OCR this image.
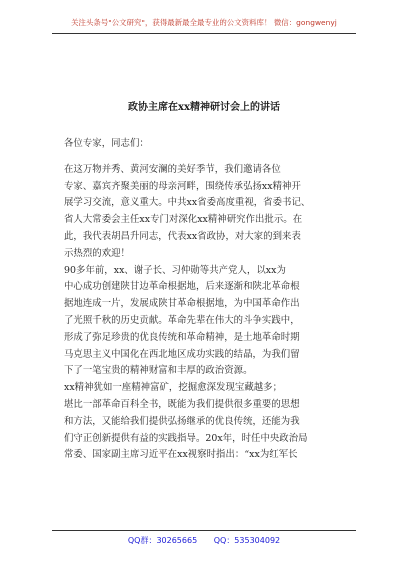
关注头条号"公文研究"，获得最新最全最专业的公文资料库！ 微信：gongwenyj
政协主席在xx精神研讨会上的讲话
各位专家，同志们：
在这万物并秀、黄河安澜的美好季节，我们邀请各位
专家、嘉宾齐聚美丽的母亲河畔，围绕传承弘扬xx精神开
展学习交流，意义重大。中共xx省委高度重视，省委书记、
省人大常委会主任xx专门对深化xx精神研究作出批示。在
此，我代表胡昌升同志，代表xx省政协，对大家的到来表
示热烈的欢迎！
90多年前，xx、谢子长、习仲勋等共产党人，以xx为
中心成功创建陕甘边革命根据地，后来逐渐和陕北革命根
据地连成一片，发展成陕甘革命根据地，为中国革命作出
了光照千秋的历史贡献。革命先辈在伟大的斗争实践中，
形成了弥足珍贵的优良传统和革命精神，是土地革命时期
马克思主义中国化在西北地区成功实践的结晶，为我们留
下了一笔宝贵的精神财富和丰厚的政治资源。
xx精神犹如一座精神富矿，挖掘愈深发现宝藏越多；
堪比一部革命百科全书，既能为我们提供很多重要的思想
和方法，又能给我们提供弘扬继承的优良传统，还能为我
们守正创新提供有益的实践指导。20x年，时任中央政治局
常委、国家副主席习近平在xx视察时指出：“xx为红军长
QQ群：30265665 QQ：535304092
